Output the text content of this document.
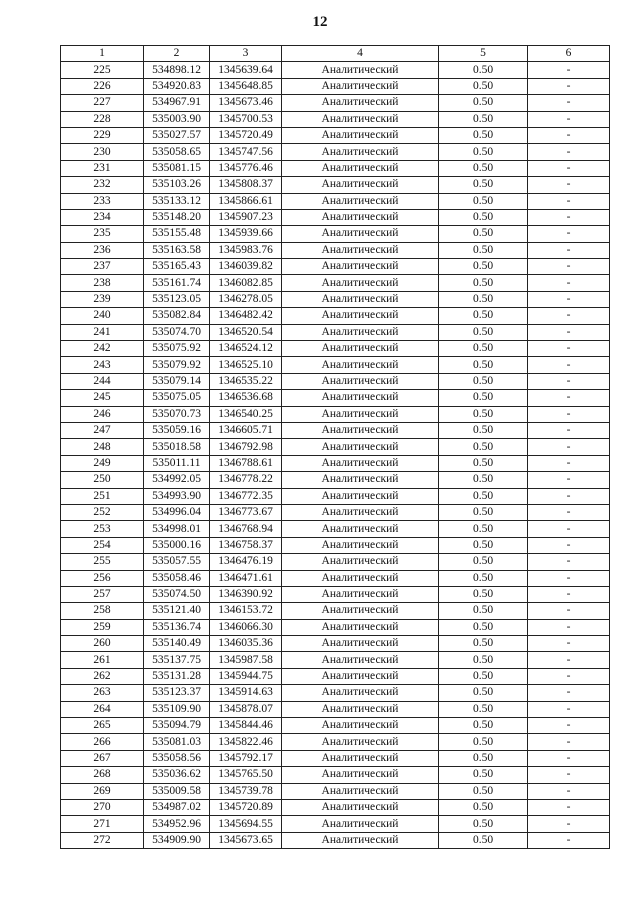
12
1	2	3	4	5	6
225	534898.12	1345639.64	Аналитический	0.50	-
226	534920.83	1345648.85	Аналитический	0.50	-
227	534967.91	1345673.46	Аналитический	0.50	-
228	535003.90	1345700.53	Аналитический	0.50	-
229	535027.57	1345720.49	Аналитический	0.50	-
230	535058.65	1345747.56	Аналитический	0.50	-
231	535081.15	1345776.46	Аналитический	0.50	-
232	535103.26	1345808.37	Аналитический	0.50	-
233	535133.12	1345866.61	Аналитический	0.50	-
234	535148.20	1345907.23	Аналитический	0.50	-
235	535155.48	1345939.66	Аналитический	0.50	-
236	535163.58	1345983.76	Аналитический	0.50	-
237	535165.43	1346039.82	Аналитический	0.50	-
238	535161.74	1346082.85	Аналитический	0.50	-
239	535123.05	1346278.05	Аналитический	0.50	-
240	535082.84	1346482.42	Аналитический	0.50	-
241	535074.70	1346520.54	Аналитический	0.50	-
242	535075.92	1346524.12	Аналитический	0.50	-
243	535079.92	1346525.10	Аналитический	0.50	-
244	535079.14	1346535.22	Аналитический	0.50	-
245	535075.05	1346536.68	Аналитический	0.50	-
246	535070.73	1346540.25	Аналитический	0.50	-
247	535059.16	1346605.71	Аналитический	0.50	-
248	535018.58	1346792.98	Аналитический	0.50	-
249	535011.11	1346788.61	Аналитический	0.50	-
250	534992.05	1346778.22	Аналитический	0.50	-
251	534993.90	1346772.35	Аналитический	0.50	-
252	534996.04	1346773.67	Аналитический	0.50	-
253	534998.01	1346768.94	Аналитический	0.50	-
254	535000.16	1346758.37	Аналитический	0.50	-
255	535057.55	1346476.19	Аналитический	0.50	-
256	535058.46	1346471.61	Аналитический	0.50	-
257	535074.50	1346390.92	Аналитический	0.50	-
258	535121.40	1346153.72	Аналитический	0.50	-
259	535136.74	1346066.30	Аналитический	0.50	-
260	535140.49	1346035.36	Аналитический	0.50	-
261	535137.75	1345987.58	Аналитический	0.50	-
262	535131.28	1345944.75	Аналитический	0.50	-
263	535123.37	1345914.63	Аналитический	0.50	-
264	535109.90	1345878.07	Аналитический	0.50	-
265	535094.79	1345844.46	Аналитический	0.50	-
266	535081.03	1345822.46	Аналитический	0.50	-
267	535058.56	1345792.17	Аналитический	0.50	-
268	535036.62	1345765.50	Аналитический	0.50	-
269	535009.58	1345739.78	Аналитический	0.50	-
270	534987.02	1345720.89	Аналитический	0.50	-
271	534952.96	1345694.55	Аналитический	0.50	-
272	534909.90	1345673.65	Аналитический	0.50	-
